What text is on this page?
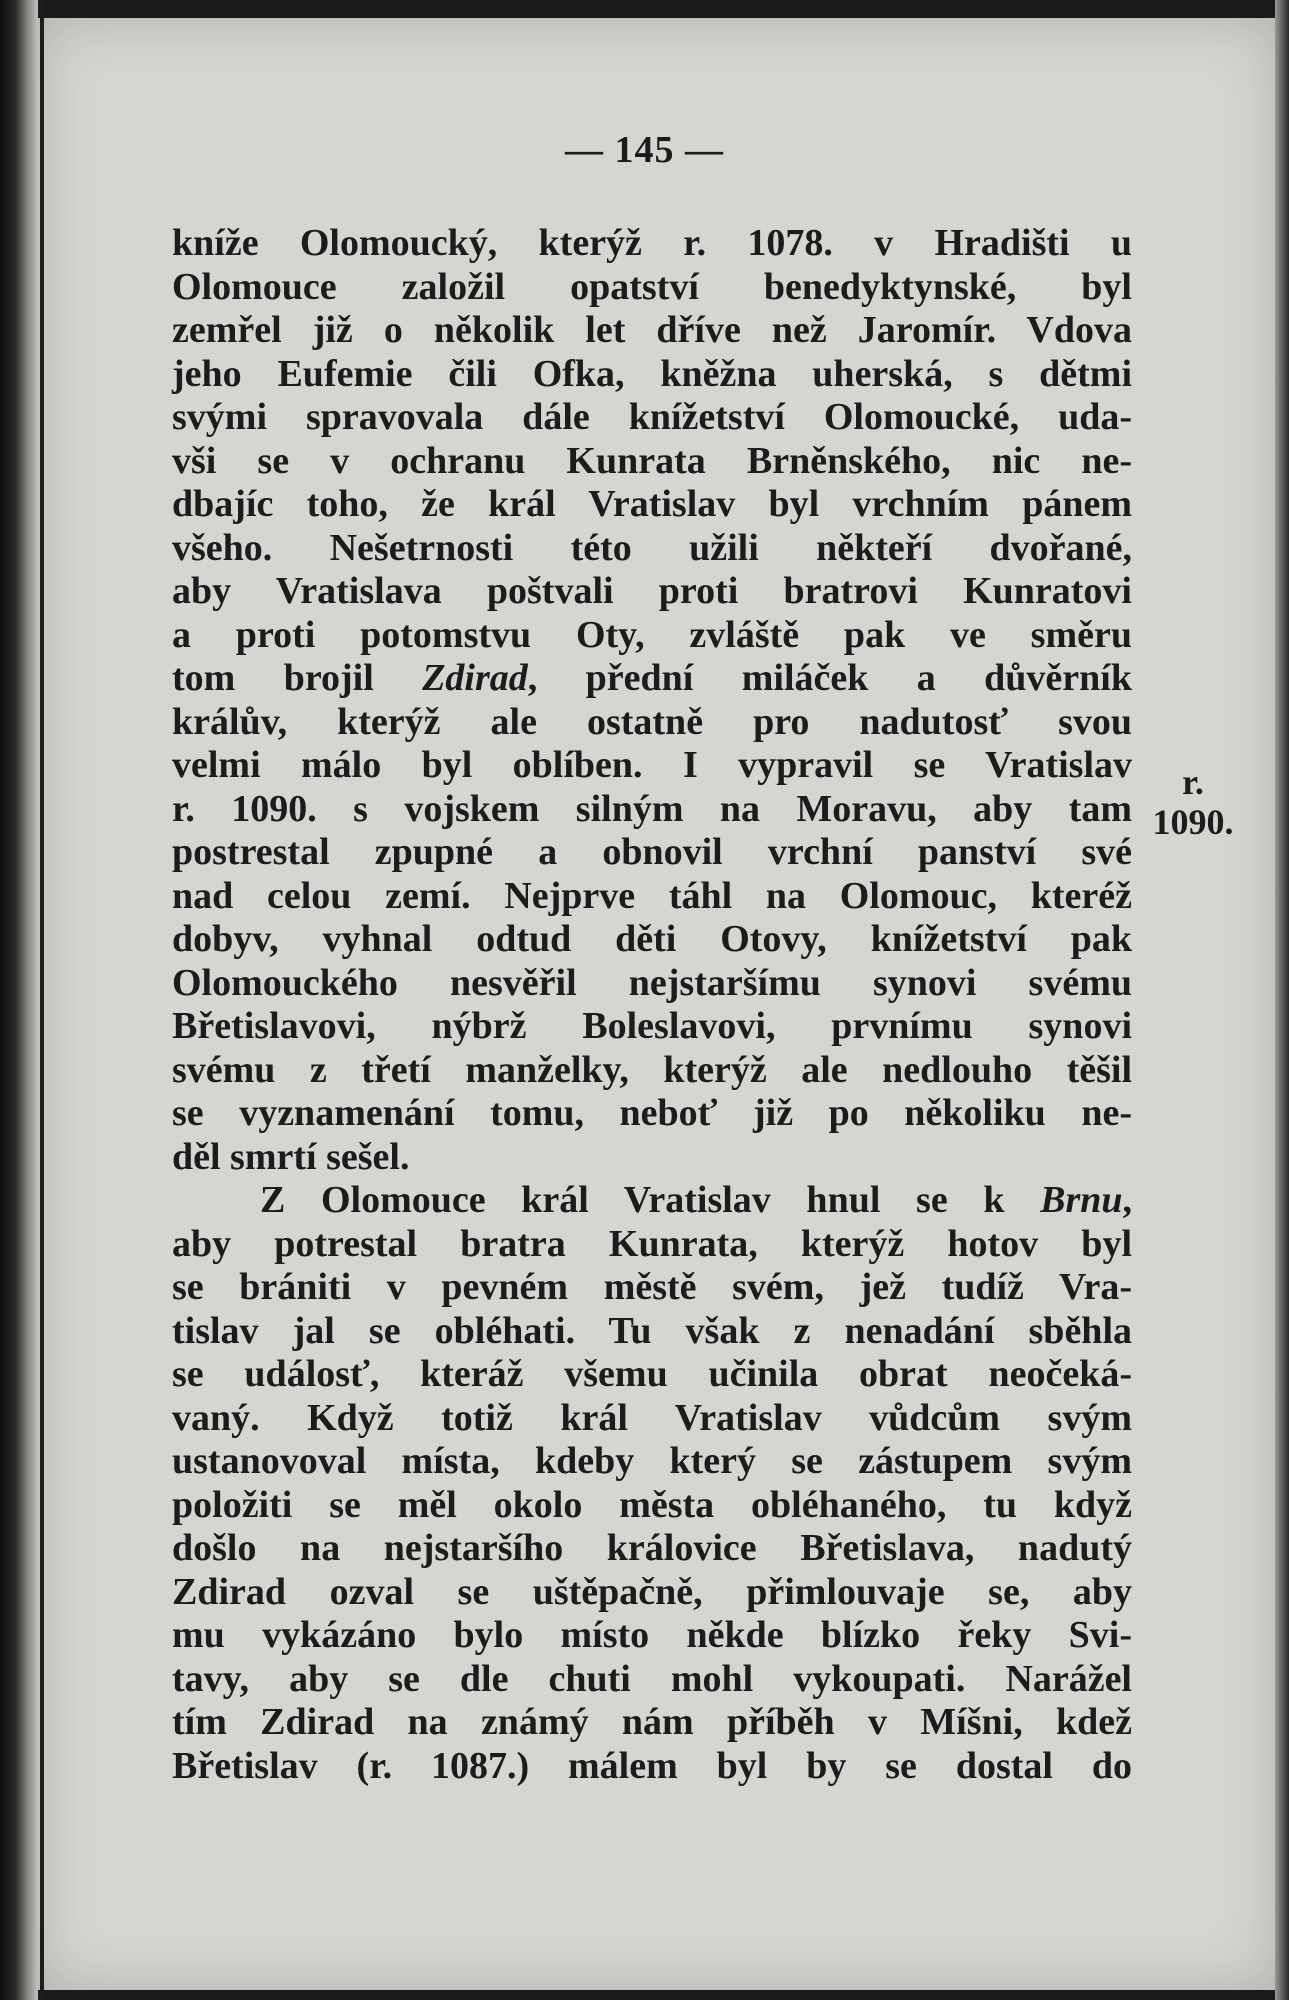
— 145 —
kníže Olomoucký, kterýž r. 1078. v Hradišti u
Olomouce založil opatství benedyktynské, byl
zemřel již o několik let dříve než Jaromír. Vdova
jeho Eufemie čili Ofka, kněžna uherská, s dětmi
svými spravovala dále knížetství Olomoucké, uda-
vši se v ochranu Kunrata Brněnského, nic ne-
dbajíc toho, že král Vratislav byl vrchním pánem
všeho. Nešetrnosti této užili někteří dvořané,
aby Vratislava poštvali proti bratrovi Kunratovi
a proti potomstvu Oty, zvláště pak ve směru
tom brojil Zdirad, přední miláček a důvěrník
králův, kterýž ale ostatně pro nadutosť svou
velmi málo byl oblíben. I vypravil se Vratislav
r. 1090. s vojskem silným na Moravu, aby tam
postrestal zpupné a obnovil vrchní panství své
nad celou zemí. Nejprve táhl na Olomouc, kteréž
dobyv, vyhnal odtud děti Otovy, knížetství pak
Olomouckého nesvěřil nejstaršímu synovi svému
Břetislavovi, nýbrž Boleslavovi, prvnímu synovi
svému z třetí manželky, kterýž ale nedlouho těšil
se vyznamenání tomu, neboť již po několiku ne-
děl smrtí sešel.
Z Olomouce král Vratislav hnul se k Brnu,
aby potrestal bratra Kunrata, kterýž hotov byl
se brániti v pevném městě svém, jež tudíž Vra-
tislav jal se obléhati. Tu však z nenadání sběhla
se událosť, kteráž všemu učinila obrat neočeká-
vaný. Když totiž král Vratislav vůdcům svým
ustanovoval místa, kdeby který se zástupem svým
položiti se měl okolo města obléhaného, tu když
došlo na nejstaršího královice Břetislava, nadutý
Zdirad ozval se uštěpačně, přimlouvaje se, aby
mu vykázáno bylo místo někde blízko řeky Svi-
tavy, aby se dle chuti mohl vykoupati. Narážel
tím Zdirad na známý nám příběh v Míšni, kdež
Břetislav (r. 1087.) málem byl by se dostal do
r.
1090.
